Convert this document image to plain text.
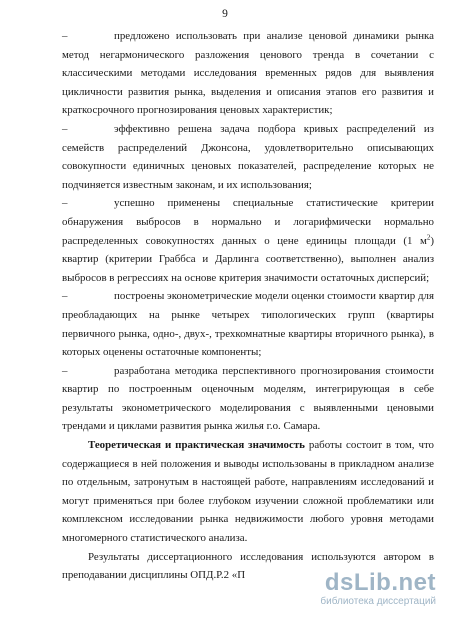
9

–	предложено использовать при анализе ценовой динамики рынка метод негармонического разложения ценового тренда в сочетании с классическими методами исследования временных рядов для выявления цикличности развития рынка, выделения и описания этапов его развития и краткосрочного прогнозирования ценовых характеристик;

–	эффективно решена задача подбора кривых распределений из семейств распределений Джонсона, удовлетворительно описывающих совокупности единичных ценовых показателей, распределение которых не подчиняется известным законам, и их использования;

–	успешно применены специальные статистические критерии обнаружения выбросов в нормально и логарифмически нормально распределенных совокупностях данных о цене единицы площади (1 $м^2$) квартир (критерии Граббса и Дарлинга соответственно), выполнен анализ выбросов в регрессиях на основе критерия значимости остаточных дисперсий;

–	построены эконометрические модели оценки стоимости квартир для преобладающих на рынке четырех типологических групп (квартиры первичного рынка, одно-, двух-, трехкомнатные квартиры вторичного рынка), в которых оценены остаточные компоненты;

–	разработана методика перспективного прогнозирования стоимости квартир по построенным оценочным моделям, интегрирующая в себе результаты эконометрического моделирования с выявленными ценовыми трендами и циклами развития рынка жилья г.о. Самара.

Теоретическая и практическая значимость работы состоит в том, что содержащиеся в ней положения и выводы использованы в прикладном анализе по отдельным, затронутым в настоящей работе, направлениям исследований и могут применяться при более глубоком изучении сложной проблематики или комплексном исследовании рынка недвижимости любого уровня методами многомерного статистического анализа.

Результаты диссертационного исследования используются автором в преподавании дисциплины ОПД.Р.2 «П	dsLib.net
библиотека диссертаций
